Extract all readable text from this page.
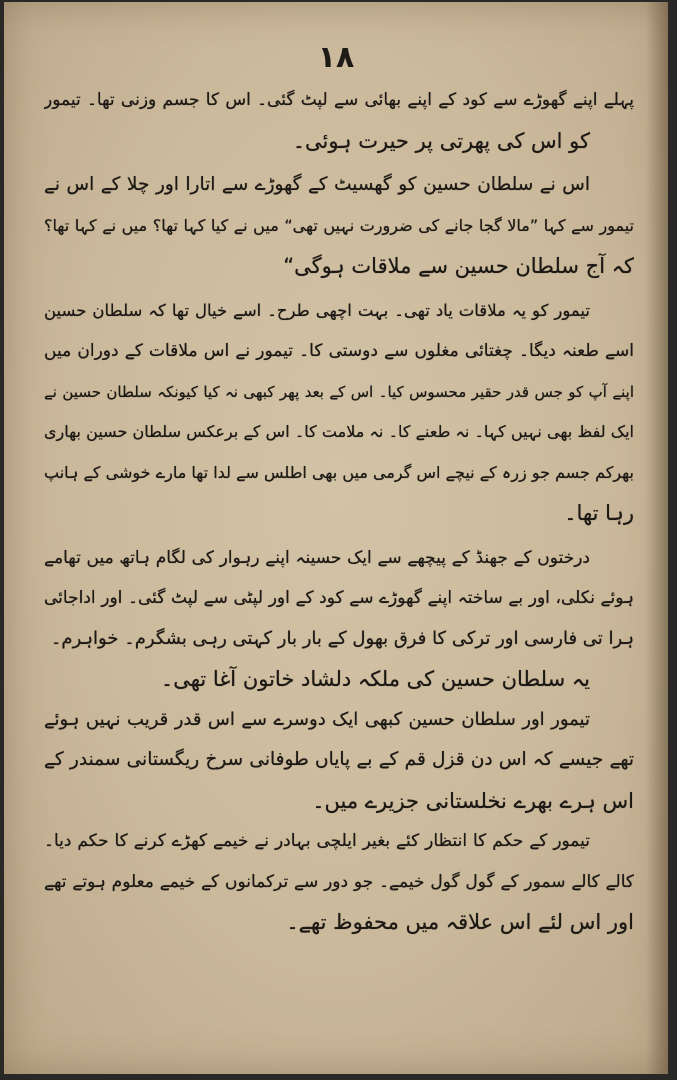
۱۸
پہلے اپنے گھوڑے سے کود کے اپنے بھائی سے لپٹ گئی۔ اس کا جسم وزنی تھا۔ تیمور
کو اس کی پھرتی پر حیرت ہوئی۔
اس نے سلطان حسین کو گھسیٹ کے گھوڑے سے اتارا اور چلا کے اس نے
تیمور سے کہا ”مالا گجا جانے کی ضرورت نہیں تھی“ میں نے کیا کہا تھا؟ میں نے کہا تھا؟
کہ آج سلطان حسین سے ملاقات ہوگی“
تیمور کو یہ ملاقات یاد تھی۔ بہت اچھی طرح۔ اسے خیال تھا کہ سلطان حسین
اسے طعنہ دیگا۔ چغتائی مغلوں سے دوستی کا۔ تیمور نے اس ملاقات کے دوران میں
اپنے آپ کو جس قدر حقیر محسوس کیا۔ اس کے بعد پھر کبھی نہ کیا کیونکہ سلطان حسین نے
ایک لفظ بھی نہیں کہا۔ نہ طعنے کا۔ نہ ملامت کا۔ اس کے برعکس سلطان حسین بھاری
بھرکم جسم جو زرہ کے نیچے اس گرمی میں بھی اطلس سے لدا تھا مارے خوشی کے ہانپ
رہا تھا۔
درختوں کے جھنڈ کے پیچھے سے ایک حسینہ اپنے رہوار کی لگام ہاتھ میں تھامے
ہوئے نکلی، اور بے ساختہ اپنے گھوڑے سے کود کے اور لپٹی سے لپٹ گئی۔ اور اداجائی
ہرا تی فارسی اور ترکی کا فرق بھول کے بار بار کہتی رہی بشگرم۔ خواہرم۔
یہ سلطان حسین کی ملکہ دلشاد خاتون آغا تھی۔
تیمور اور سلطان حسین کبھی ایک دوسرے سے اس قدر قریب نہیں ہوئے
تھے جیسے کہ اس دن قزل قم کے بے پایاں طوفانی سرخ ریگستانی سمندر کے
اس ہرے بھرے نخلستانی جزیرے میں۔
تیمور کے حکم کا انتظار کئے بغیر ایلچی بہادر نے خیمے کھڑے کرنے کا حکم دیا۔
کالے کالے سمور کے گول گول خیمے۔ جو دور سے ترکمانوں کے خیمے معلوم ہوتے تھے
اور اس لئے اس علاقہ میں محفوظ تھے۔
